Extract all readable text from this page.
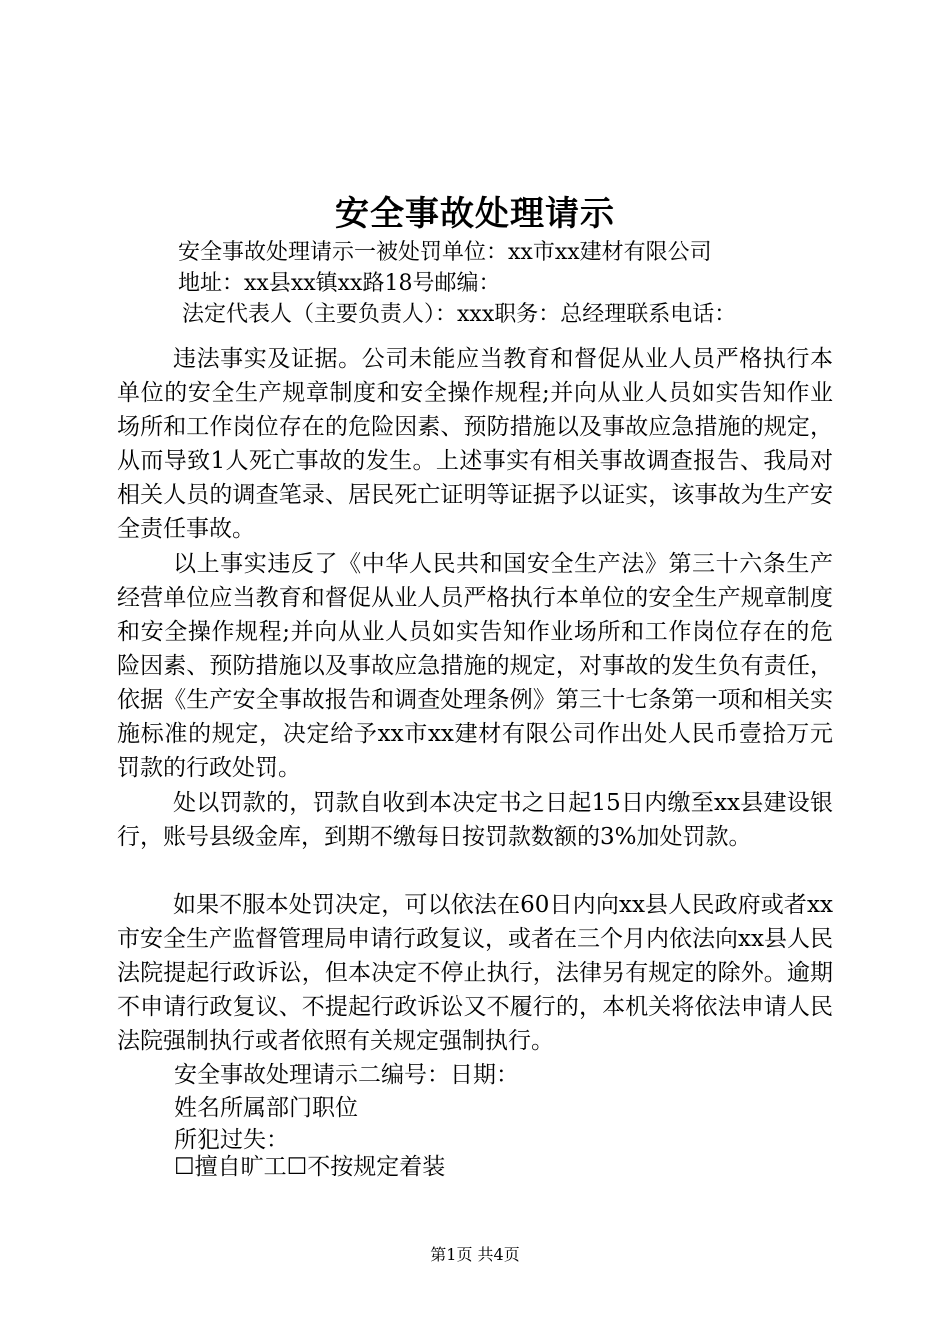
安全事故处理请示
安全事故处理请示一被处罚单位：xx市xx建材有限公司
地址：xx县xx镇xx路18号邮编：
法定代表人（主要负责人）：xxx职务：总经理联系电话：

违法事实及证据。公司未能应当教育和督促从业人员严格执行本单位的安全生产规章制度和安全操作规程;并向从业人员如实告知作业场所和工作岗位存在的危险因素、预防措施以及事故应急措施的规定，从而导致1人死亡事故的发生。上述事实有相关事故调查报告、我局对相关人员的调查笔录、居民死亡证明等证据予以证实，该事故为生产安全责任事故。

以上事实违反了《中华人民共和国安全生产法》第三十六条生产经营单位应当教育和督促从业人员严格执行本单位的安全生产规章制度和安全操作规程;并向从业人员如实告知作业场所和工作岗位存在的危险因素、预防措施以及事故应急措施的规定，对事故的发生负有责任，依据《生产安全事故报告和调查处理条例》第三十七条第一项和相关实施标准的规定，决定给予xx市xx建材有限公司作出处人民币壹拾万元罚款的行政处罚。

处以罚款的，罚款自收到本决定书之日起15日内缴至xx县建设银行，账号县级金库，到期不缴每日按罚款数额的3%加处罚款。

如果不服本处罚决定，可以依法在60日内向xx县人民政府或者xx市安全生产监督管理局申请行政复议，或者在三个月内依法向xx县人民法院提起行政诉讼，但本决定不停止执行，法律另有规定的除外。逾期不申请行政复议、不提起行政诉讼又不履行的，本机关将依法申请人民法院强制执行或者依照有关规定强制执行。

安全事故处理请示二编号：日期：
姓名所属部门职位
所犯过失：
☐擅自旷工☐不按规定着装
第1页 共4页
